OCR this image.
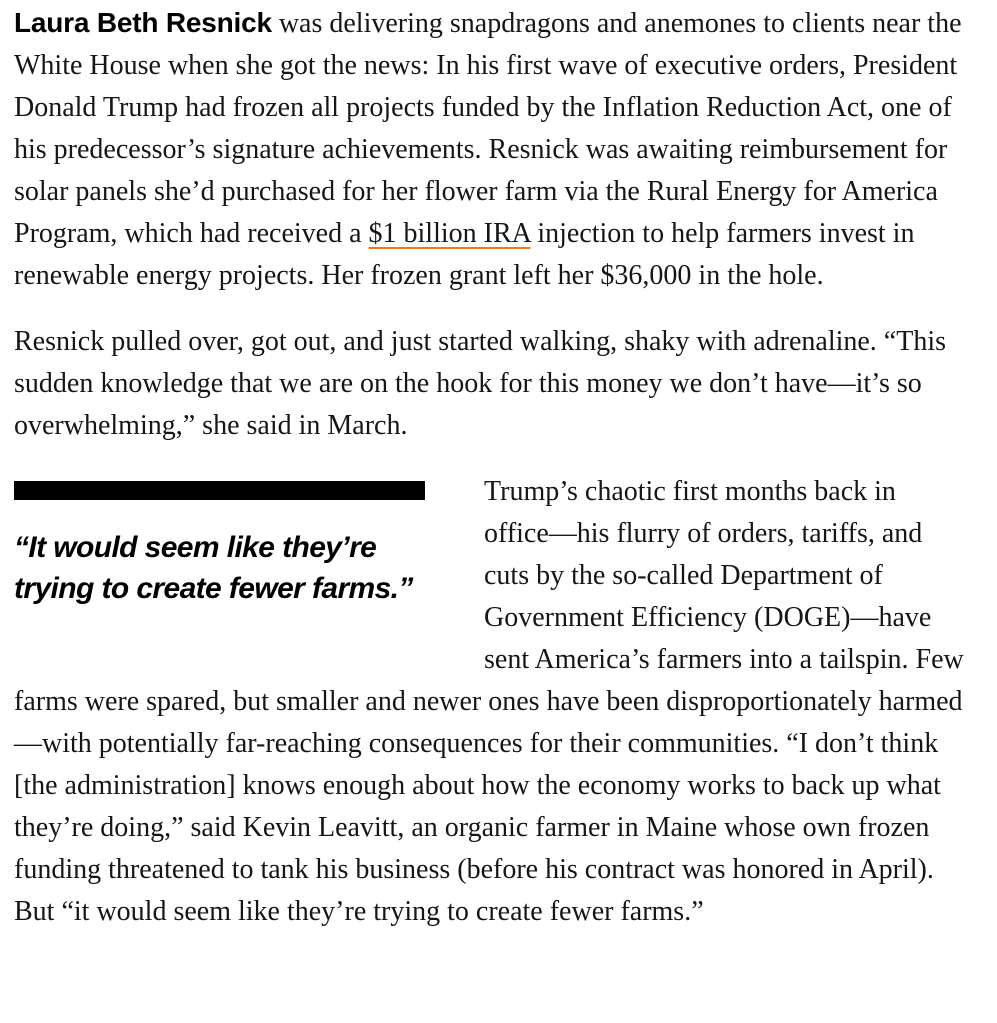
Laura Beth Resnick was delivering snapdragons and anemones to clients near the White House when she got the news: In his first wave of executive orders, President Donald Trump had frozen all projects funded by the Inflation Reduction Act, one of his predecessor’s signature achievements. Resnick was awaiting reimbursement for solar panels she’d purchased for her flower farm via the Rural Energy for America Program, which had received a $1 billion IRA injection to help farmers invest in renewable energy projects. Her frozen grant left her $36,000 in the hole.
Resnick pulled over, got out, and just started walking, shaky with adrenaline. “This sudden knowledge that we are on the hook for this money we don’t have—it’s so overwhelming,” she said in March.

“It would seem like they’re trying to create fewer farms.”

Trump’s chaotic first months back in office—his flurry of orders, tariffs, and cuts by the so-called Department of Government Efficiency (DOGE)—have sent America’s farmers into a tailspin. Few farms were spared, but smaller and newer ones have been disproportionately harmed—with potentially far-reaching consequences for their communities. “I don’t think [the administration] knows enough about how the economy works to back up what they’re doing,” said Kevin Leavitt, an organic farmer in Maine whose own frozen funding threatened to tank his business (before his contract was honored in April). But “it would seem like they’re trying to create fewer farms.”
